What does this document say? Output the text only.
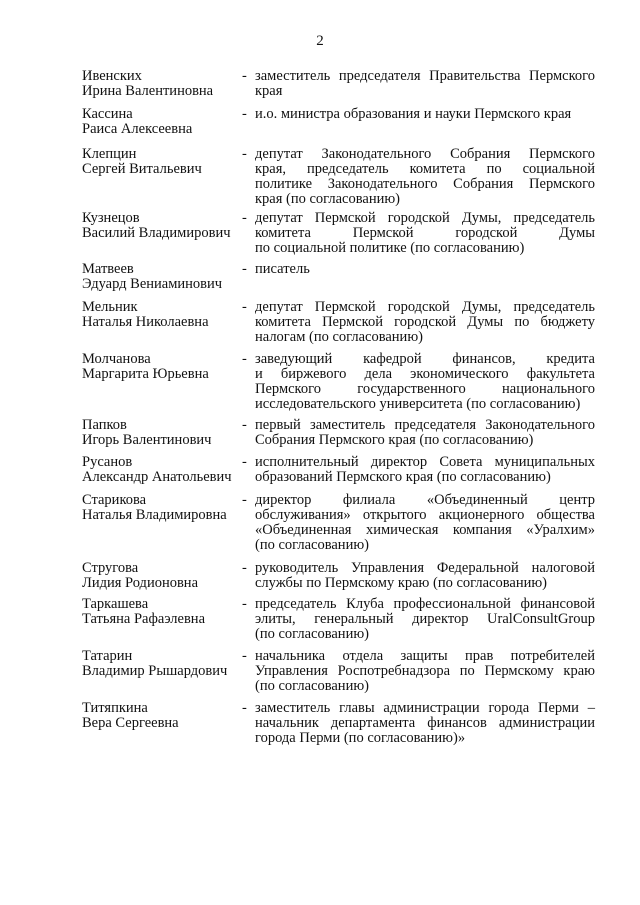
2
Ивенских
Ирина Валентиновна
- заместитель председателя Правительства Пермского
края
Кассина
Раиса Алексеевна
- и.о. министра образования и науки Пермского края
Клепцин
Сергей Витальевич
- депутат Законодательного Собрания Пермского
края, председатель комитета по социальной
политике Законодательного Собрания Пермского
края (по согласованию)
Кузнецов
Василий Владимирович
- депутат Пермской городской Думы, председатель
комитета Пермской городской Думы
по социальной политике (по согласованию)
Матвеев
Эдуард Вениаминович
- писатель
Мельник
Наталья Николаевна
- депутат Пермской городской Думы, председатель
комитета Пермской городской Думы по бюджету
налогам (по согласованию)
Молчанова
Маргарита Юрьевна
- заведующий кафедрой финансов, кредита
и биржевого дела экономического факультета
Пермского государственного национального
исследовательского университета (по согласованию)
Папков
Игорь Валентинович
- первый заместитель председателя Законодательного
Собрания Пермского края (по согласованию)
Русанов
Александр Анатольевич
- исполнительный директор Совета муниципальных
образований Пермского края (по согласованию)
Старикова
Наталья Владимировна
- директор филиала «Объединенный центр
обслуживания» открытого акционерного общества
«Объединенная химическая компания «Уралхим»
(по согласованию)
Стругова
Лидия Родионовна
- руководитель Управления Федеральной налоговой
службы по Пермскому краю (по согласованию)
Таркашева
Татьяна Рафаэлевна
- председатель Клуба профессиональной финансовой
элиты, генеральный директор UralConsultGroup
(по согласованию)
Татарин
Владимир Рышардович
- начальника отдела защиты прав потребителей
Управления Роспотребнадзора по Пермскому краю
(по согласованию)
Титяпкина
Вера Сергеевна
- заместитель главы администрации города Перми –
начальник департамента финансов администрации
города Перми (по согласованию)»
